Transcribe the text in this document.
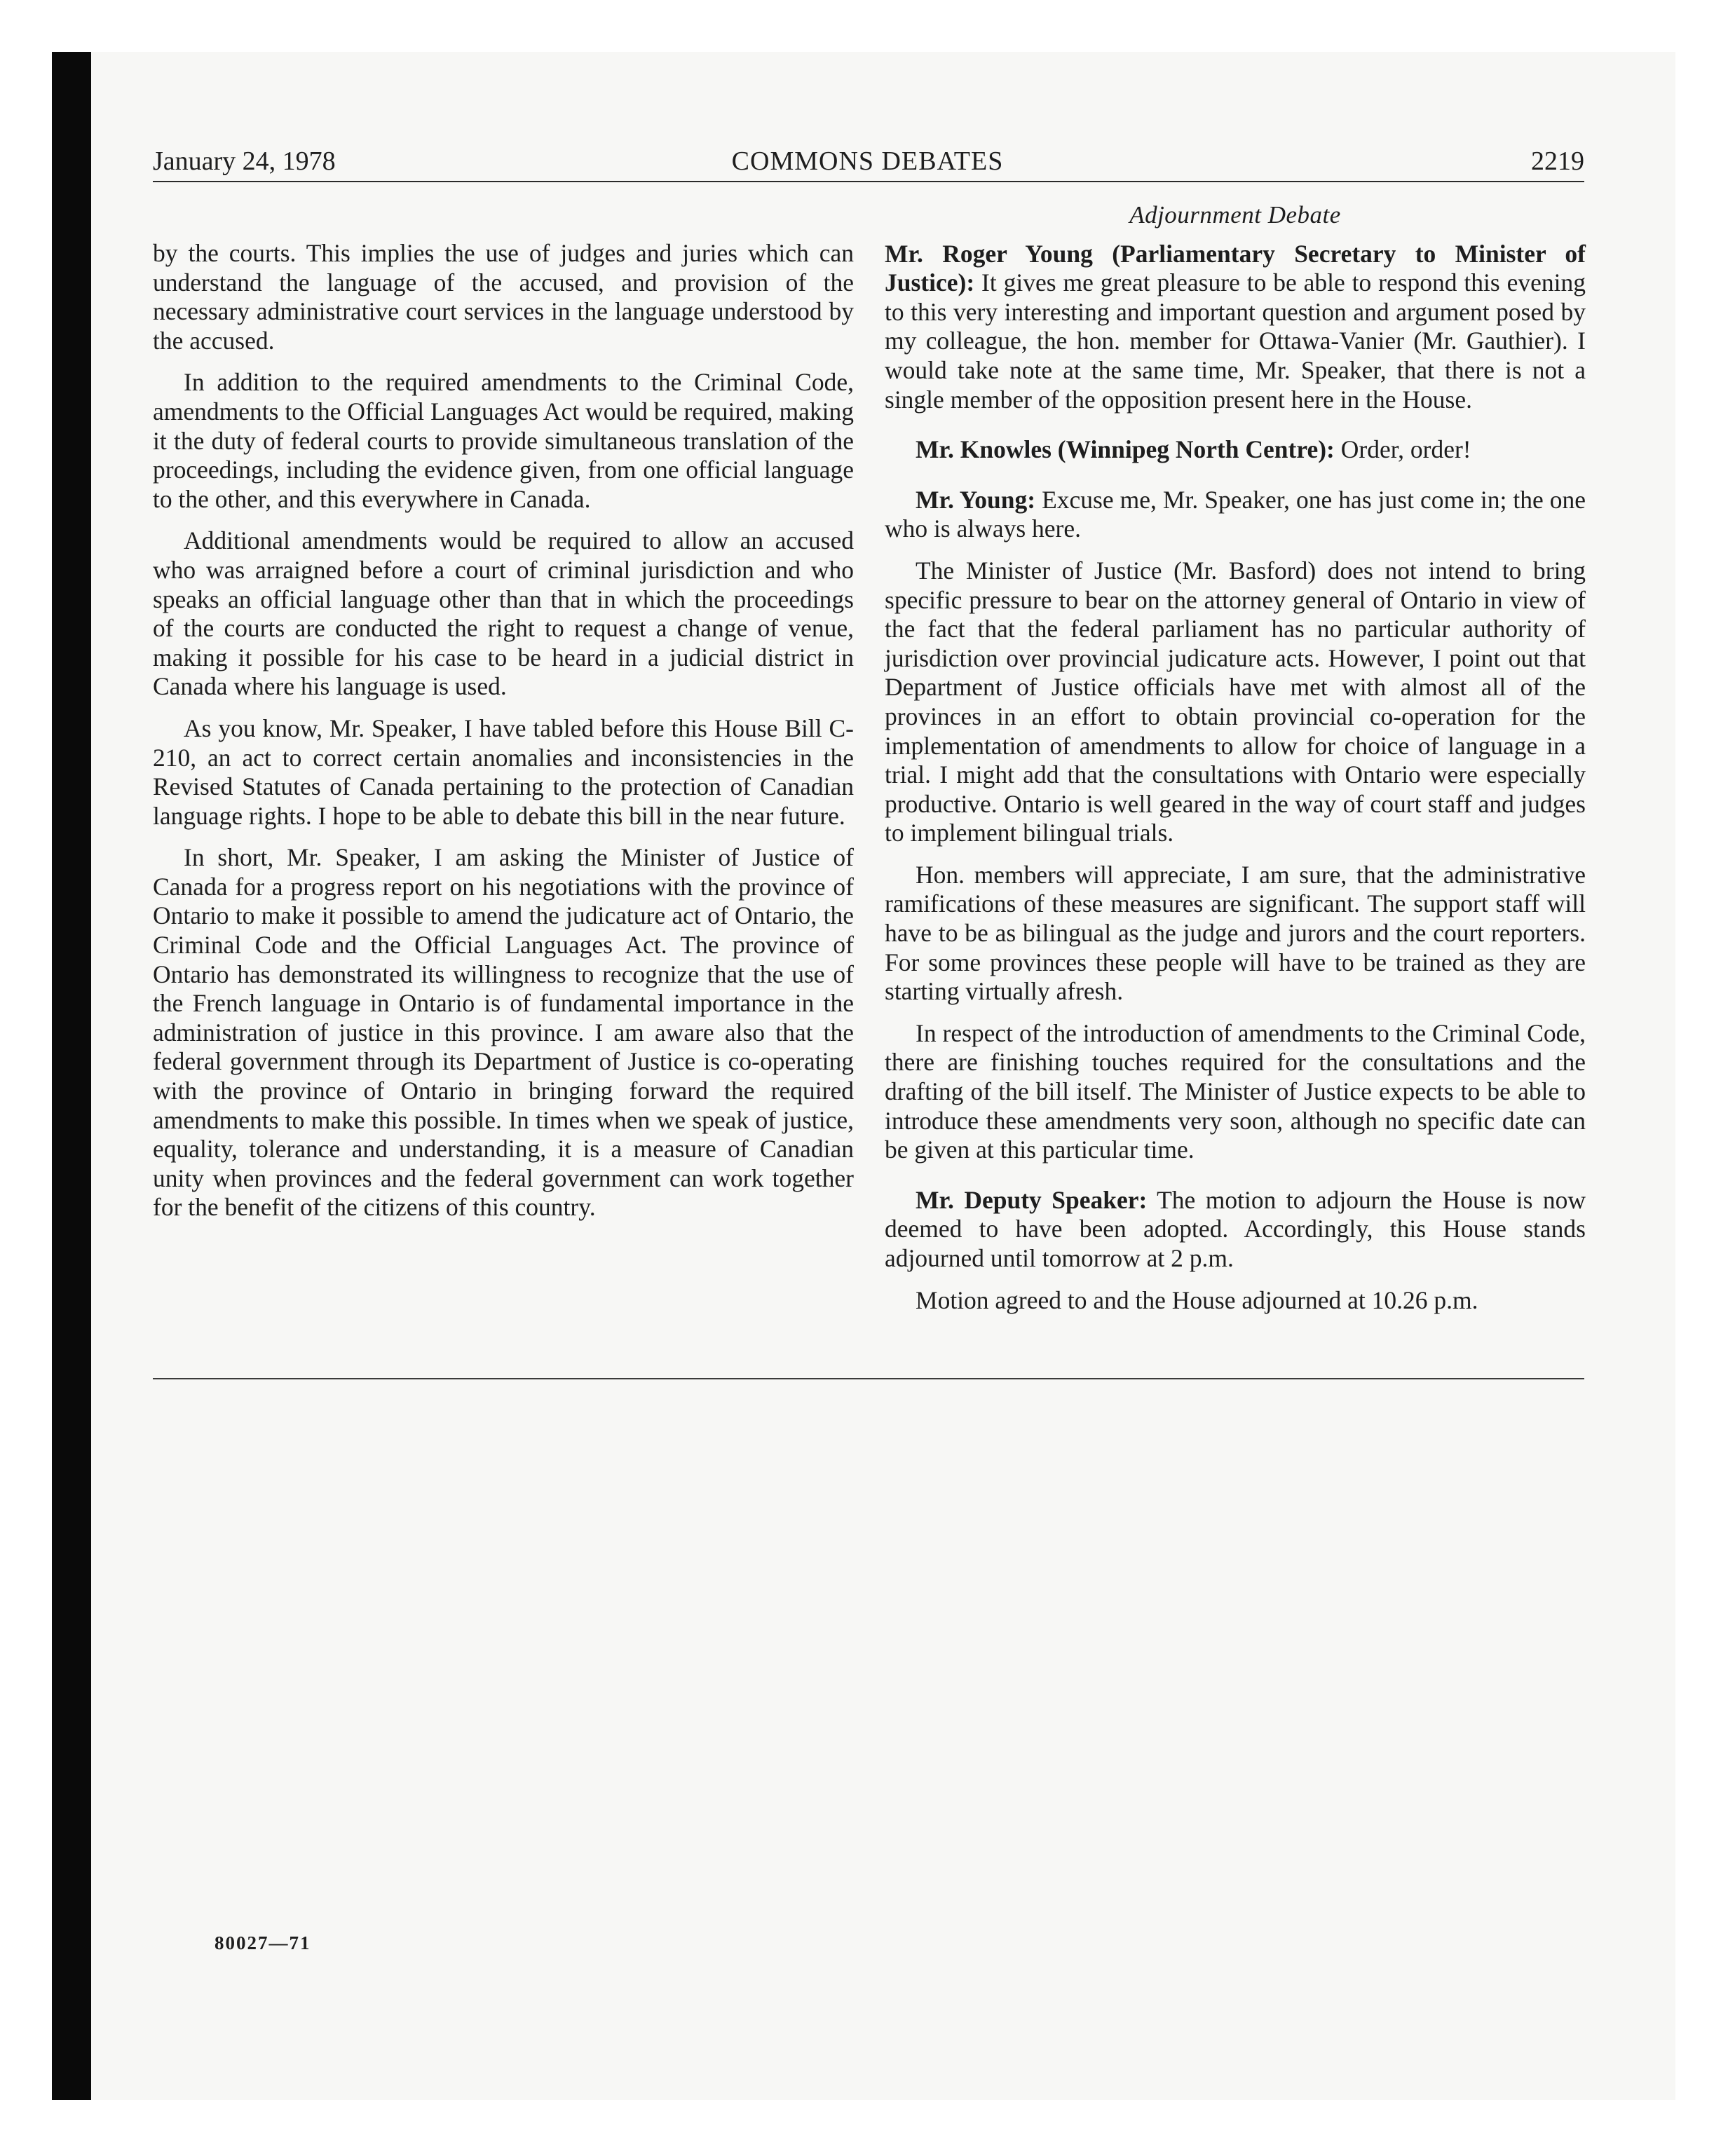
January 24, 1978	COMMONS DEBATES	2219

by the courts. This implies the use of judges and juries which can understand the language of the accused, and provision of the necessary administrative court services in the language understood by the accused.

In addition to the required amendments to the Criminal Code, amendments to the Official Languages Act would be required, making it the duty of federal courts to provide simultaneous translation of the proceedings, including the evidence given, from one official language to the other, and this everywhere in Canada.

Additional amendments would be required to allow an accused who was arraigned before a court of criminal jurisdiction and who speaks an official language other than that in which the proceedings of the courts are conducted the right to request a change of venue, making it possible for his case to be heard in a judicial district in Canada where his language is used.

As you know, Mr. Speaker, I have tabled before this House Bill C-210, an act to correct certain anomalies and inconsistencies in the Revised Statutes of Canada pertaining to the protection of Canadian language rights. I hope to be able to debate this bill in the near future.

In short, Mr. Speaker, I am asking the Minister of Justice of Canada for a progress report on his negotiations with the province of Ontario to make it possible to amend the judicature act of Ontario, the Criminal Code and the Official Languages Act. The province of Ontario has demonstrated its willingness to recognize that the use of the French language in Ontario is of fundamental importance in the administration of justice in this province. I am aware also that the federal government through its Department of Justice is co-operating with the province of Ontario in bringing forward the required amendments to make this possible. In times when we speak of justice, equality, tolerance and understanding, it is a measure of Canadian unity when provinces and the federal government can work together for the benefit of the citizens of this country.

Adjournment Debate

Mr. Roger Young (Parliamentary Secretary to Minister of Justice): It gives me great pleasure to be able to respond this evening to this very interesting and important question and argument posed by my colleague, the hon. member for Ottawa-Vanier (Mr. Gauthier). I would take note at the same time, Mr. Speaker, that there is not a single member of the opposition present here in the House.

Mr. Knowles (Winnipeg North Centre): Order, order!

Mr. Young: Excuse me, Mr. Speaker, one has just come in; the one who is always here.

The Minister of Justice (Mr. Basford) does not intend to bring specific pressure to bear on the attorney general of Ontario in view of the fact that the federal parliament has no particular authority of jurisdiction over provincial judicature acts. However, I point out that Department of Justice officials have met with almost all of the provinces in an effort to obtain provincial co-operation for the implementation of amendments to allow for choice of language in a trial. I might add that the consultations with Ontario were especially productive. Ontario is well geared in the way of court staff and judges to implement bilingual trials.

Hon. members will appreciate, I am sure, that the administrative ramifications of these measures are significant. The support staff will have to be as bilingual as the judge and jurors and the court reporters. For some provinces these people will have to be trained as they are starting virtually afresh.

In respect of the introduction of amendments to the Criminal Code, there are finishing touches required for the consultations and the drafting of the bill itself. The Minister of Justice expects to be able to introduce these amendments very soon, although no specific date can be given at this particular time.

Mr. Deputy Speaker: The motion to adjourn the House is now deemed to have been adopted. Accordingly, this House stands adjourned until tomorrow at 2 p.m.

Motion agreed to and the House adjourned at 10.26 p.m.

80027—71
